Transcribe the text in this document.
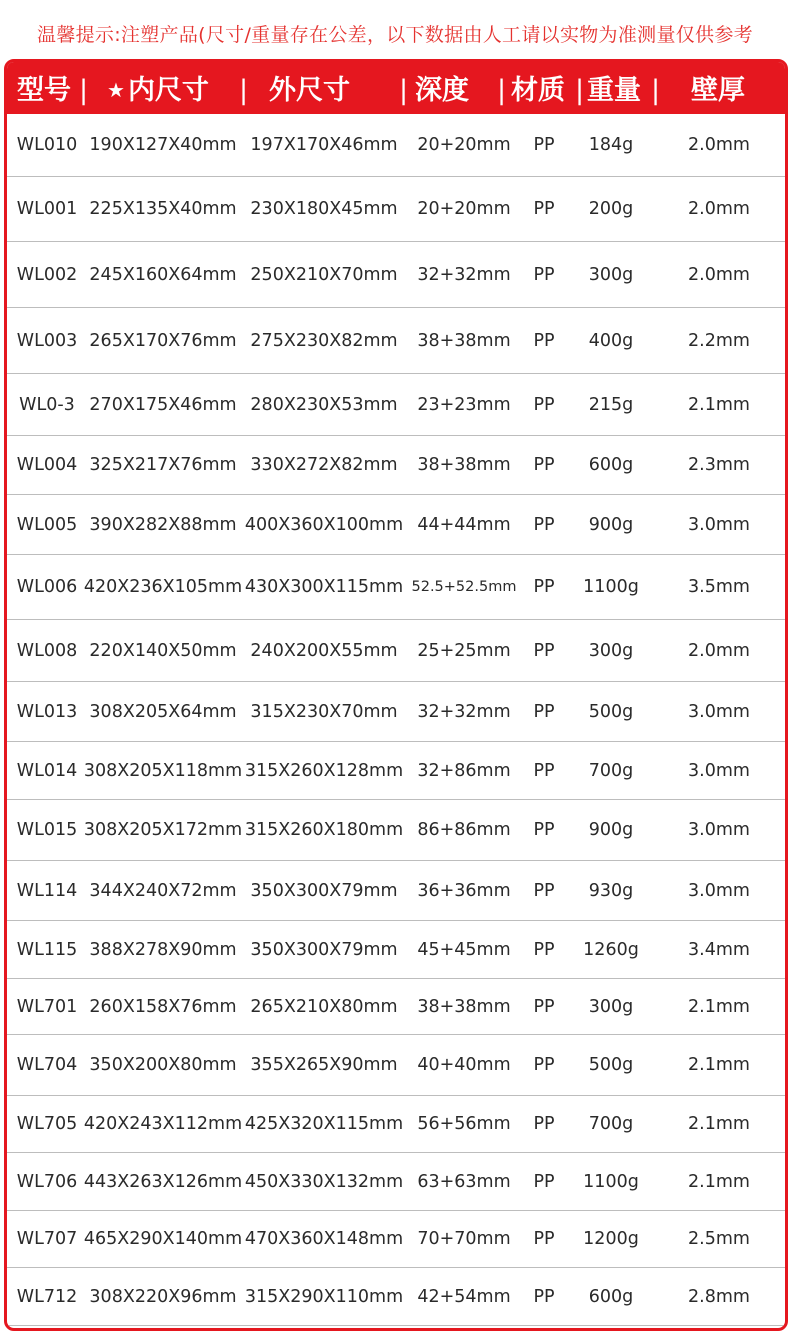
温馨提示:注塑产品(尺寸/重量存在公差，以下数据由人工请以实物为准测量仅供参考
型号 | ★ 内尺寸 | 外尺寸 | 深度 | 材质 | 重量 | 壁厚
WL010 190X127X40mm 197X170X46mm	20+20mm	PP	184g	2.0mm
WL001 225X135X40mm 230X180X45mm	20+20mm	PP	200g	2.0mm
WL002 245X160X64mm 250X210X70mm	32+32mm	PP	300g	2.0mm
WL003 265X170X76mm 275X230X82mm	38+38mm	PP	400g	2.2mm
WL0-3 270X175X46mm 280X230X53mm	23+23mm	PP	215g	2.1mm
WL004 325X217X76mm 330X272X82mm	38+38mm	PP	600g	2.3mm
WL005 390X282X88mm 400X360X100mm 44+44mm	PP	900g	3.0mm
WL006 420X236X105mm 430X300X115mm 52.5+52.5mm PP	1100g	3.5mm
WL008 220X140X50mm 240X200X55mm	25+25mm	PP	300g	2.0mm
WL013 308X205X64mm 315X230X70mm	32+32mm	PP	500g	3.0mm
WL014 308X205X118mm 315X260X128mm 32+86mm	PP	700g	3.0mm
WL015 308X205X172mm 315X260X180mm 86+86mm	PP	900g	3.0mm
WL114 344X240X72mm 350X300X79mm	36+36mm	PP	930g	3.0mm
WL115 388X278X90mm 350X300X79mm	45+45mm	PP	1260g	3.4mm
WL701 260X158X76mm 265X210X80mm	38+38mm	PP	300g	2.1mm
WL704 350X200X80mm 355X265X90mm	40+40mm	PP	500g	2.1mm
WL705 420X243X112mm 425X320X115mm 56+56mm	PP	700g	2.1mm
WL706 443X263X126mm 450X330X132mm 63+63mm	PP	1100g	2.1mm
WL707 465X290X140mm 470X360X148mm 70+70mm	PP	1200g	2.5mm
WL712 308X220X96mm 315X290X110mm 42+54mm	PP	600g	2.8mm
